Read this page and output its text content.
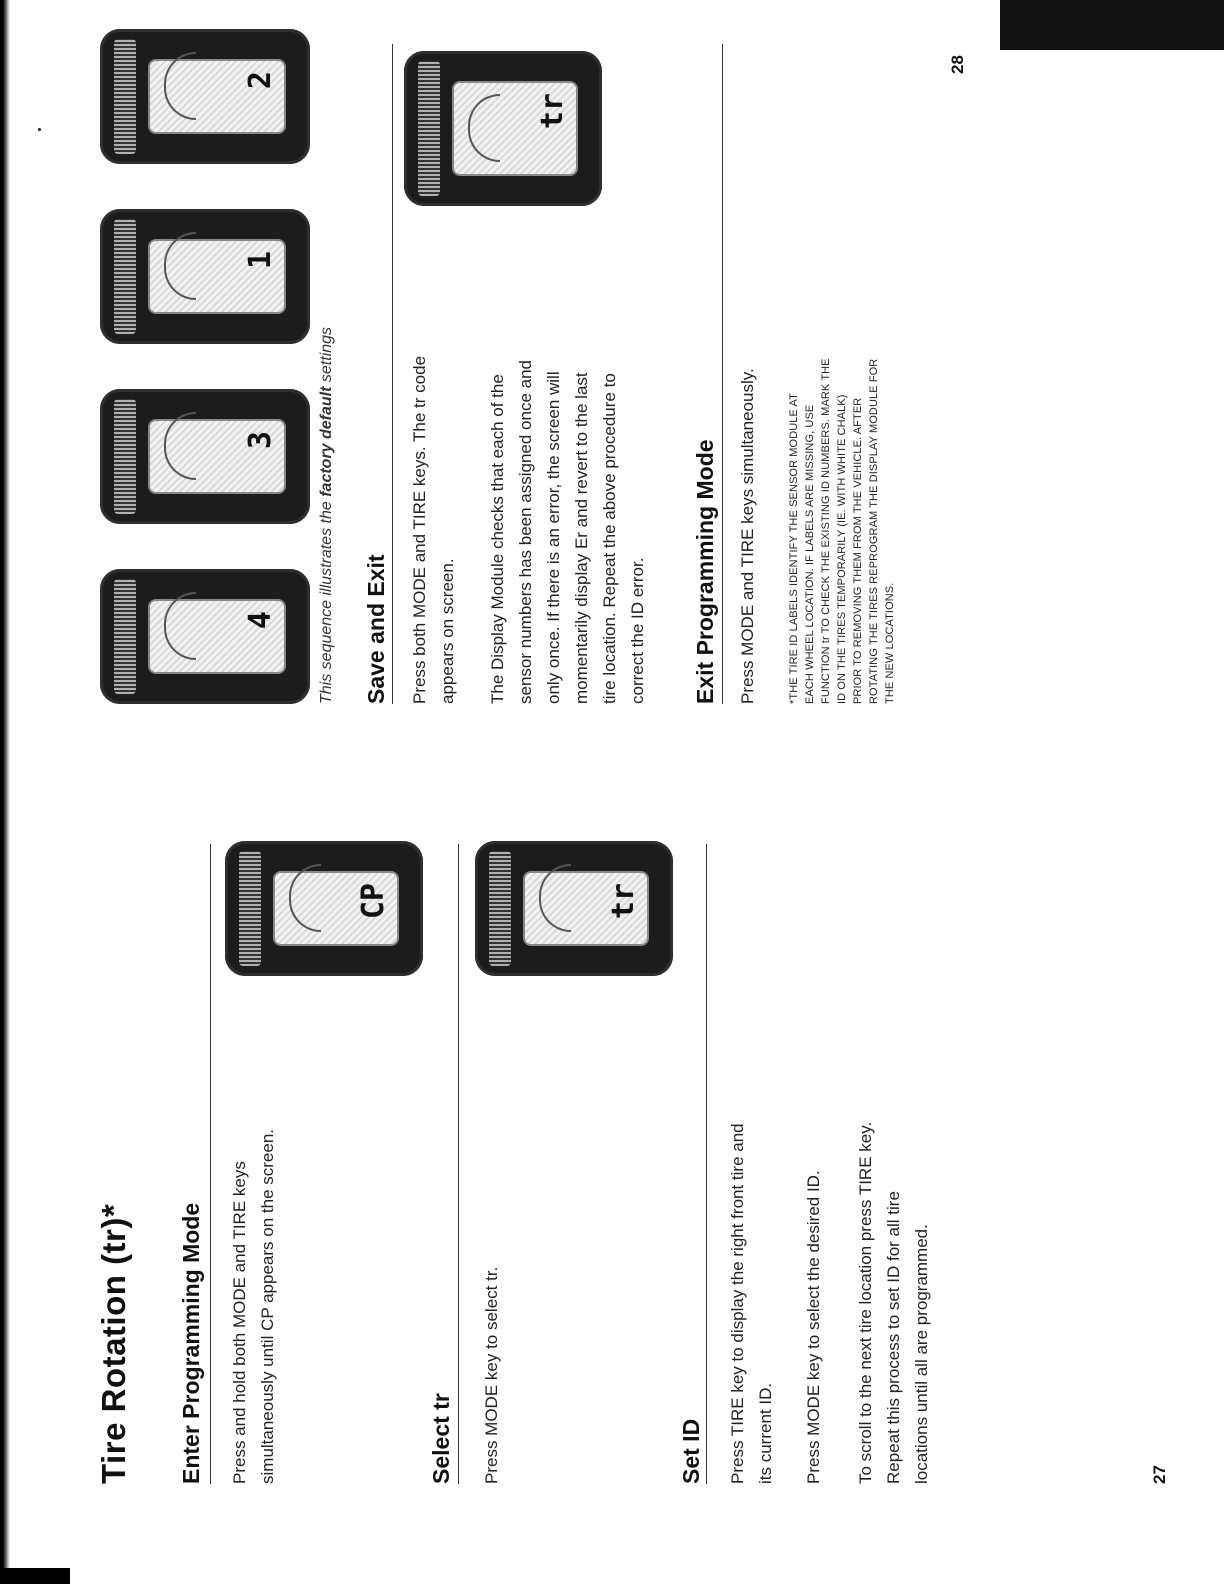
Tire Rotation (tr)* Enter Programming Mode Press and hold both MODE and TIRE keys simultaneously until CP appears on the screen.	Select tr Press MODE key to select tr.	Set ID Press TIRE key to display the right front tire and its current ID. Press MODE key to select the desired ID. To scroll to the next tire location press TIRE key. Repeat this process to set ID for all tire locations until all are programmed.	27
CP	tr
4
3
1
2
This sequence illustrates the factory default settings
Save and Exit Press both MODE and TIRE keys. The tr code appears on screen. The Display Module checks that each of the sensor numbers has been assigned once and only once. If there is an error, the screen will momentarily display Er and revert to the last tire location. Repeat the above procedure to correct the ID error. Exit Programming Mode Press MODE and TIRE keys simultaneously.	*THE TIRE ID LABELS IDENTIFY THE SENSOR MODULE AT EACH WHEEL LOCATION. IF LABELS ARE MISSING, USE FUNCTION tr TO CHECK THE EXISTING ID NUMBERS. MARK THE ID ON THE TIRES TEMPORARILY (IE. WITH WHITE CHALK) PRIOR TO REMOVING THEM FROM THE VEHICLE. AFTER ROTATING THE TIRES REPROGRAM THE DISPLAY MODULE FOR THE NEW LOCATIONS.
tr
28
